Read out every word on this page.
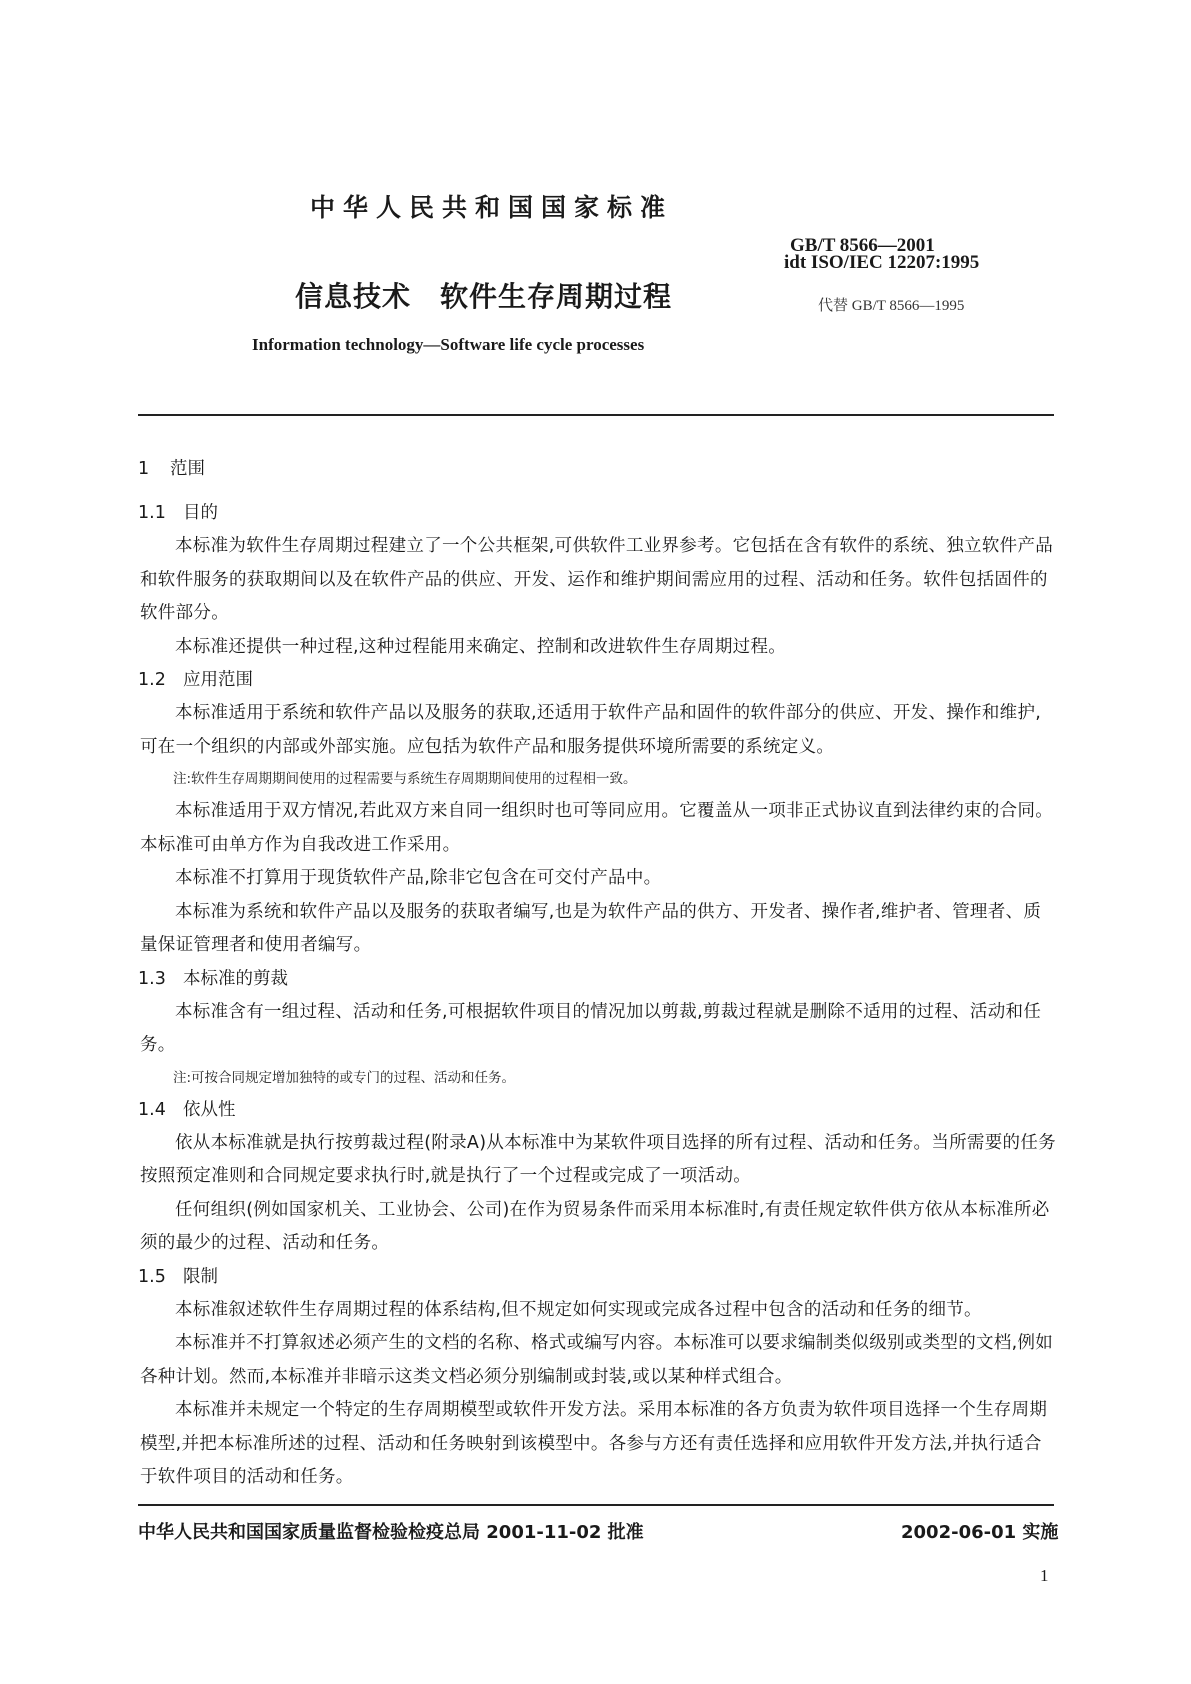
中华人民共和国国家标准
GB/T 8566—2001
idt ISO/IEC 12207:1995
信息技术　软件生存周期过程	代替 GB/T 8566—1995
Information technology—Software life cycle processes
1 范围
1.1 目的

本标准为软件生存周期过程建立了一个公共框架,可供软件工业界参考。它包括在含有软件的系统、独立软件产品和软件服务的获取期间以及在软件产品的供应、开发、运作和维护期间需应用的过程、活动和任务。软件包括固件的软件部分。

本标准还提供一种过程,这种过程能用来确定、控制和改进软件生存周期过程。

1.2 应用范围

本标准适用于系统和软件产品以及服务的获取,还适用于软件产品和固件的软件部分的供应、开发、操作和维护,可在一个组织的内部或外部实施。应包括为软件产品和服务提供环境所需要的系统定义。

注:软件生存周期期间使用的过程需要与系统生存周期期间使用的过程相一致。

本标准适用于双方情况,若此双方来自同一组织时也可等同应用。它覆盖从一项非正式协议直到法律约束的合同。本标准可由单方作为自我改进工作采用。

本标准不打算用于现货软件产品,除非它包含在可交付产品中。

本标准为系统和软件产品以及服务的获取者编写,也是为软件产品的供方、开发者、操作者,维护者、管理者、质量保证管理者和使用者编写。

1.3 本标准的剪裁

本标准含有一组过程、活动和任务,可根据软件项目的情况加以剪裁,剪裁过程就是删除不适用的过程、活动和任务。

注:可按合同规定增加独特的或专门的过程、活动和任务。

1.4 依从性

依从本标准就是执行按剪裁过程(附录A)从本标准中为某软件项目选择的所有过程、活动和任务。当所需要的任务按照预定准则和合同规定要求执行时,就是执行了一个过程或完成了一项活动。

任何组织(例如国家机关、工业协会、公司)在作为贸易条件而采用本标准时,有责任规定软件供方依从本标准所必须的最少的过程、活动和任务。

1.5 限制

本标准叙述软件生存周期过程的体系结构,但不规定如何实现或完成各过程中包含的活动和任务的细节。

本标准并不打算叙述必须产生的文档的名称、格式或编写内容。本标准可以要求编制类似级别或类型的文档,例如各种计划。然而,本标准并非暗示这类文档必须分别编制或封装,或以某种样式组合。

本标准并未规定一个特定的生存周期模型或软件开发方法。采用本标准的各方负责为软件项目选择一个生存周期模型,并把本标准所述的过程、活动和任务映射到该模型中。各参与方还有责任选择和应用软件开发方法,并执行适合于软件项目的活动和任务。

中华人民共和国国家质量监督检验检疫总局 2001-11-02 批准	2002-06-01 实施
1
